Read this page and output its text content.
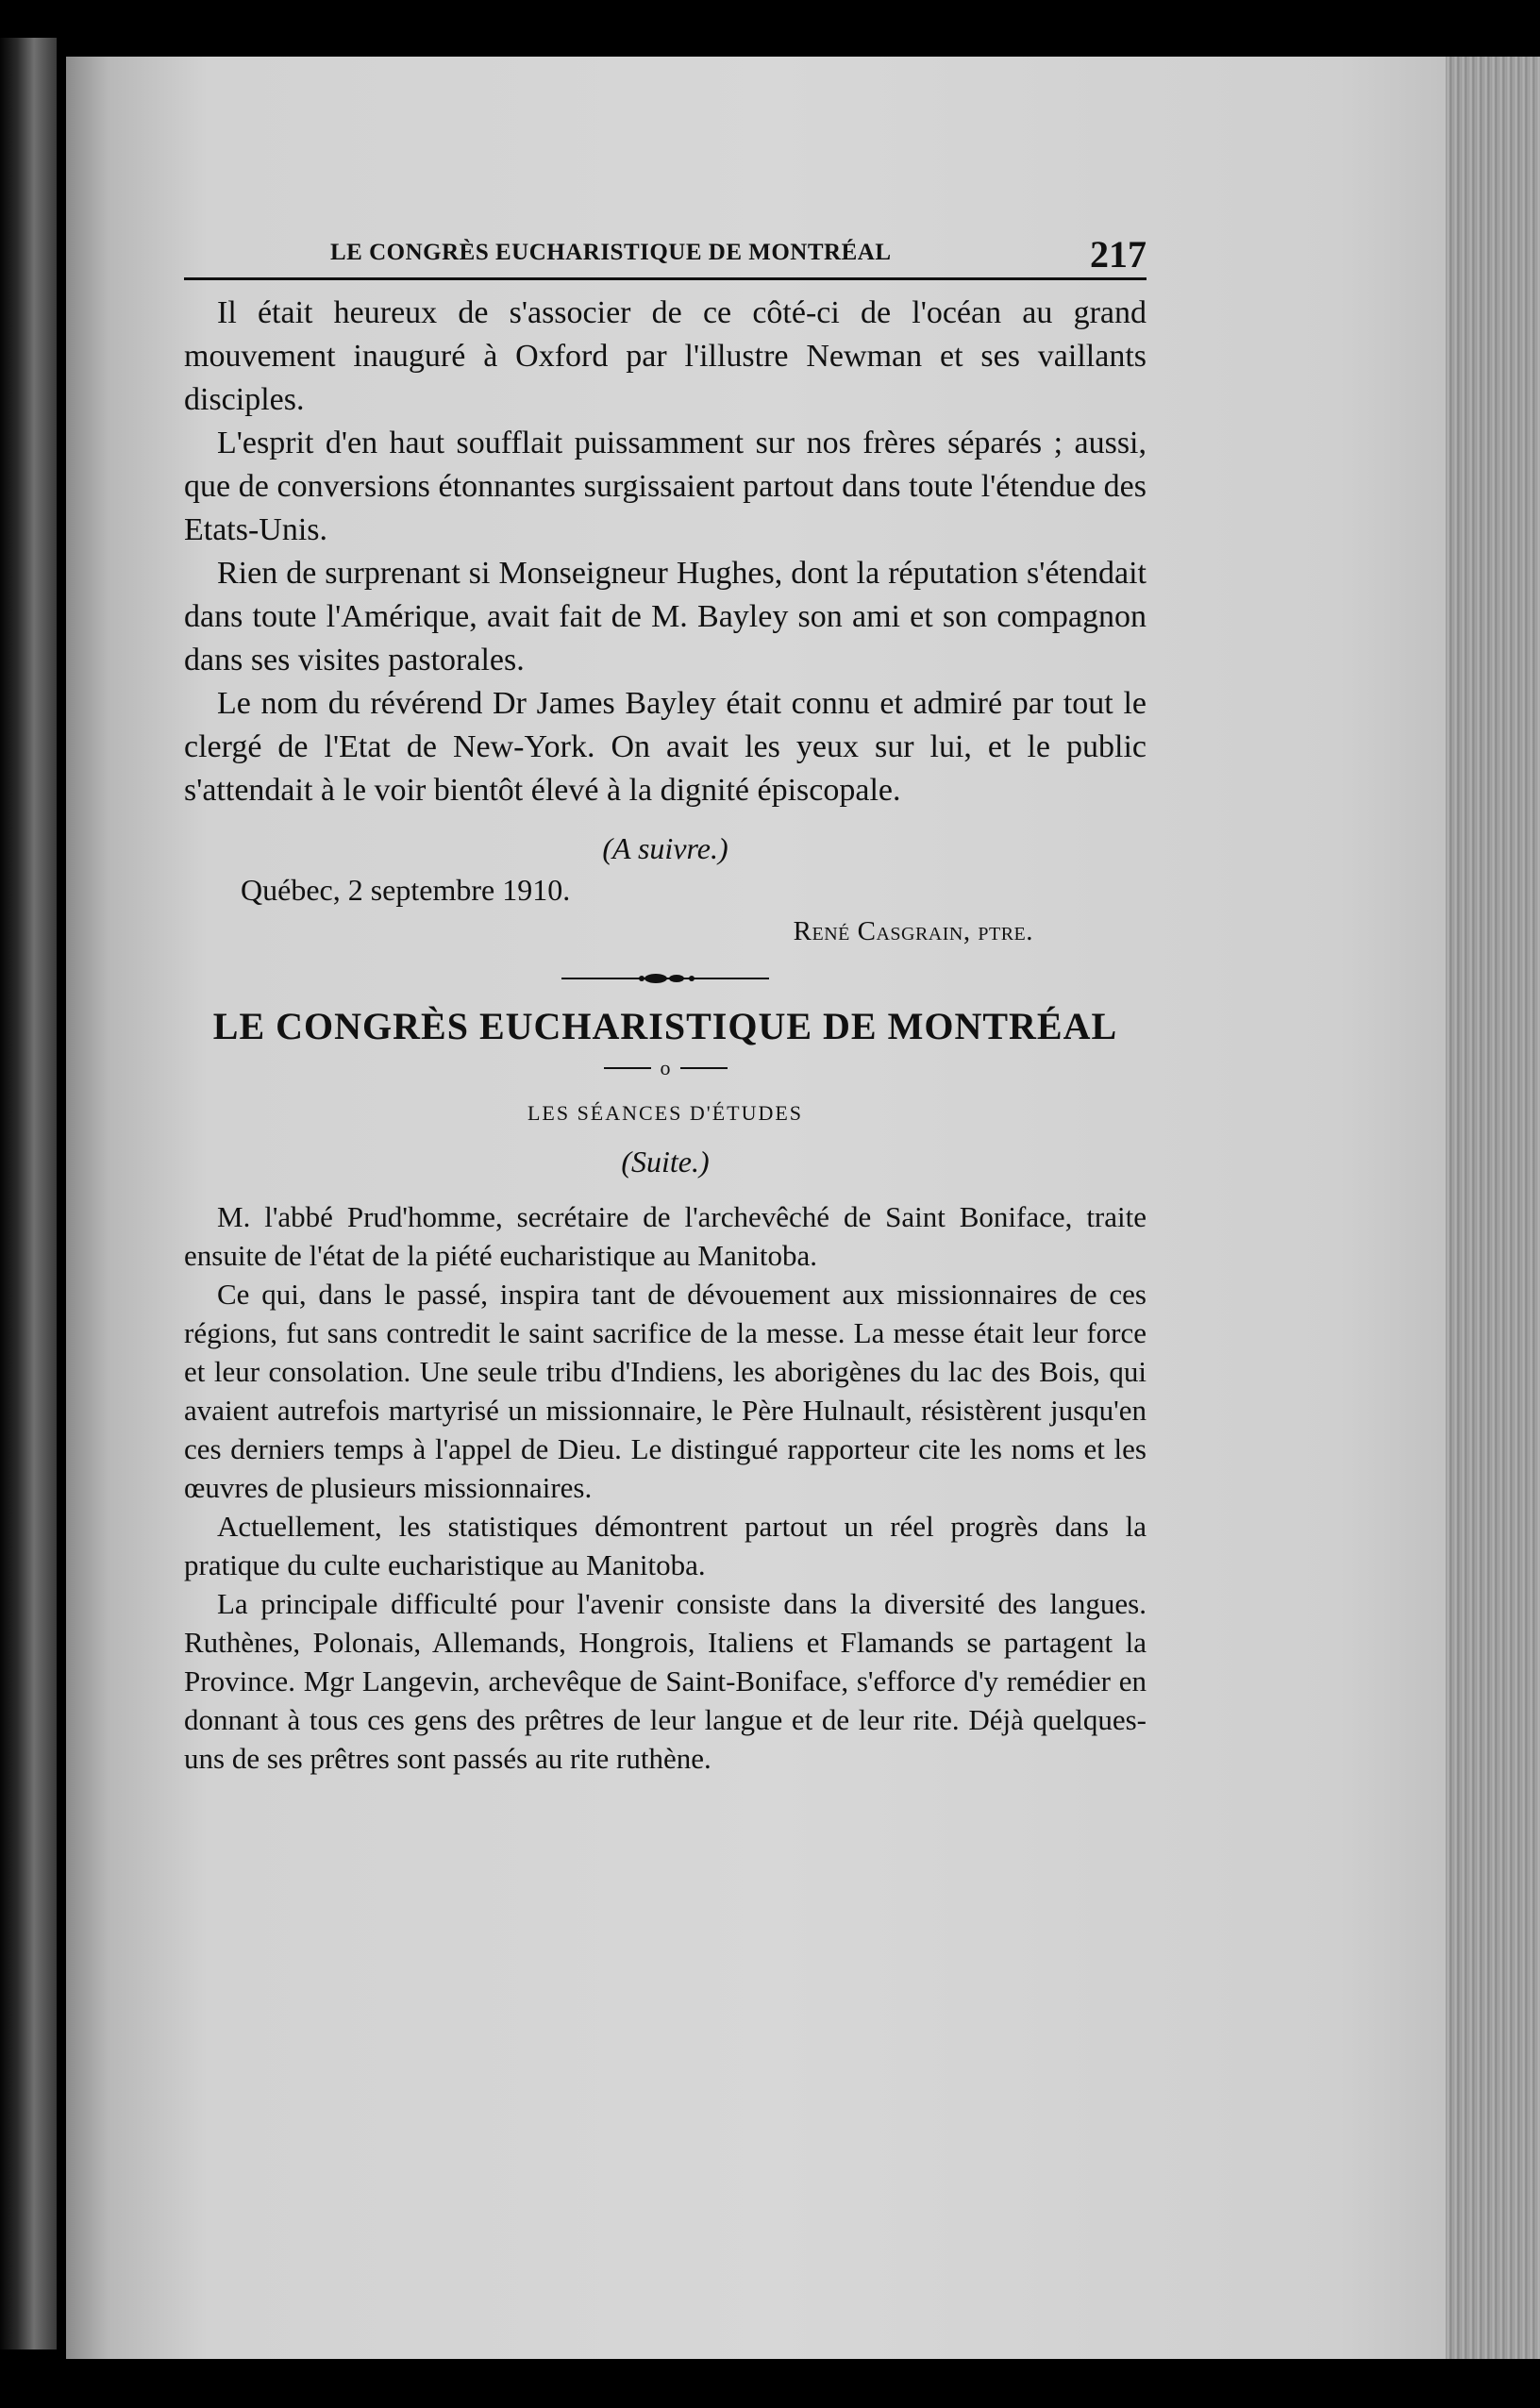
LE CONGRÈS EUCHARISTIQUE DE MONTRÉAL	217

Il était heureux de s'associer de ce côté-ci de l'océan au grand mouvement inauguré à Oxford par l'illustre Newman et ses vaillants disciples.

L'esprit d'en haut soufflait puissamment sur nos frères séparés ; aussi, que de conversions étonnantes surgissaient partout dans toute l'étendue des Etats-Unis.

Rien de surprenant si Monseigneur Hughes, dont la réputation s'étendait dans toute l'Amérique, avait fait de M. Bayley son ami et son compagnon dans ses visites pastorales.

Le nom du révérend Dr James Bayley était connu et admiré par tout le clergé de l'Etat de New-York. On avait les yeux sur lui, et le public s'attendait à le voir bientôt élevé à la dignité épiscopale.

(A suivre.)
Québec, 2 septembre 1910.
René Casgrain, ptre.
LE CONGRÈS EUCHARISTIQUE DE MONTRÉAL
o
LES SÉANCES D'ÉTUDES
(Suite.)

M. l'abbé Prud'homme, secrétaire de l'archevêché de Saint Boniface, traite ensuite de l'état de la piété eucharistique au Manitoba.

Ce qui, dans le passé, inspira tant de dévouement aux missionnaires de ces régions, fut sans contredit le saint sacrifice de la messe. La messe était leur force et leur consolation. Une seule tribu d'Indiens, les aborigènes du lac des Bois, qui avaient autrefois martyrisé un missionnaire, le Père Hulnault, résistèrent jusqu'en ces derniers temps à l'appel de Dieu. Le distingué rapporteur cite les noms et les œuvres de plusieurs missionnaires.

Actuellement, les statistiques démontrent partout un réel progrès dans la pratique du culte eucharistique au Manitoba.

La principale difficulté pour l'avenir consiste dans la diversité des langues. Ruthènes, Polonais, Allemands, Hongrois, Italiens et Flamands se partagent la Province. Mgr Langevin, archevêque de Saint-Boniface, s'efforce d'y remédier en donnant à tous ces gens des prêtres de leur langue et de leur rite. Déjà quelques-uns de ses prêtres sont passés au rite ruthène.
